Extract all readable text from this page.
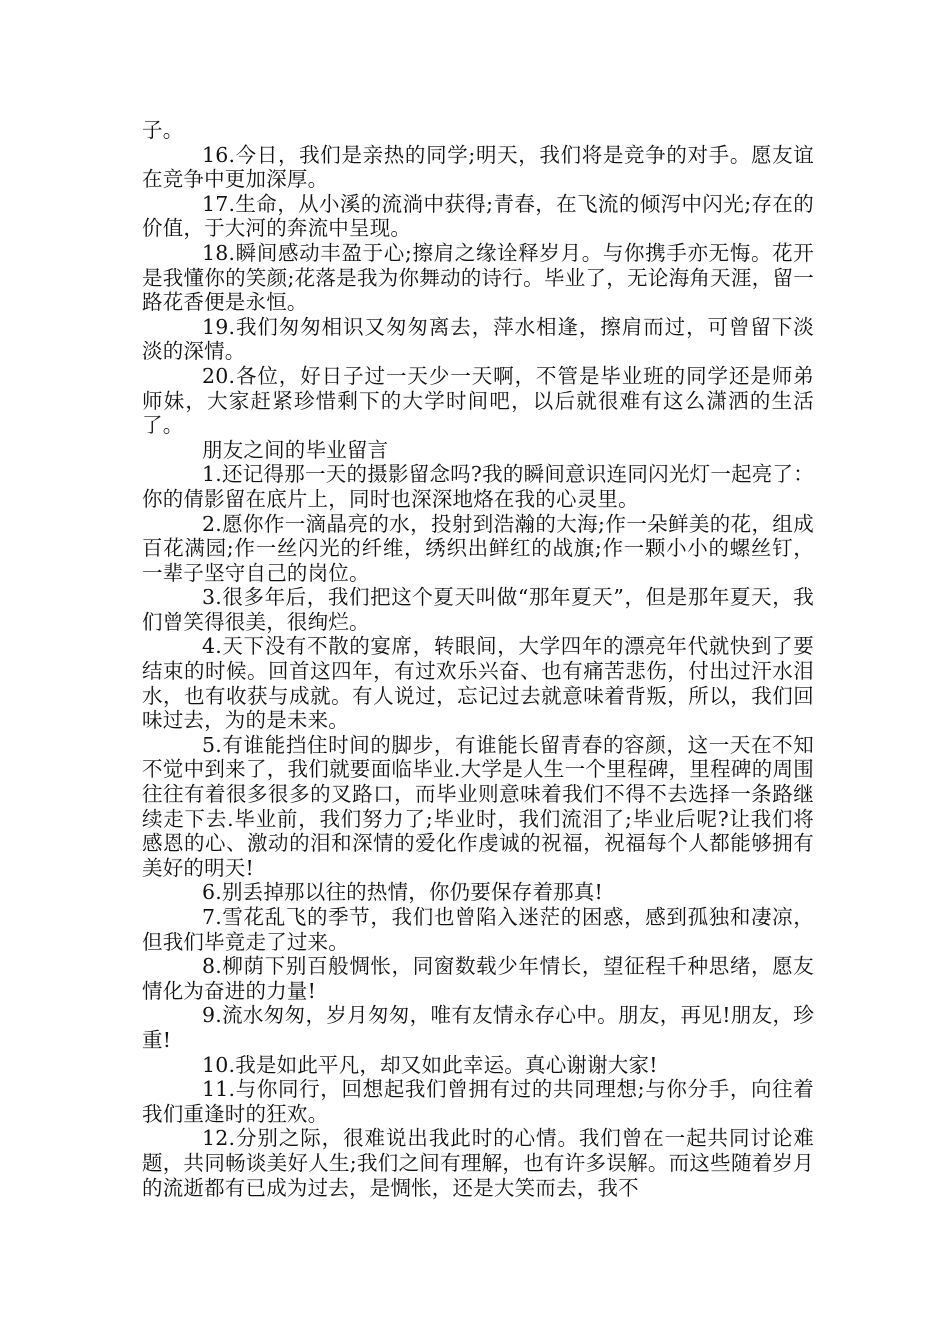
子。

16.今日，我们是亲热的同学;明天，我们将是竞争的对手。愿友谊在竞争中更加深厚。

17.生命，从小溪的流淌中获得;青春，在飞流的倾泻中闪光;存在的价值，于大河的奔流中呈现。

18.瞬间感动丰盈于心;擦肩之缘诠释岁月。与你携手亦无悔。花开是我懂你的笑颜;花落是我为你舞动的诗行。毕业了，无论海角天涯，留一路花香便是永恒。

19.我们匆匆相识又匆匆离去，萍水相逢，擦肩而过，可曾留下淡淡的深情。

20.各位，好日子过一天少一天啊，不管是毕业班的同学还是师弟师妹，大家赶紧珍惜剩下的大学时间吧，以后就很难有这么潇洒的生活了。

朋友之间的毕业留言

1.还记得那一天的摄影留念吗?我的瞬间意识连同闪光灯一起亮了：你的倩影留在底片上，同时也深深地烙在我的心灵里。

2.愿你作一滴晶亮的水，投射到浩瀚的大海;作一朵鲜美的花，组成百花满园;作一丝闪光的纤维，绣织出鲜红的战旗;作一颗小小的螺丝钉，一辈子坚守自己的岗位。

3.很多年后，我们把这个夏天叫做“那年夏天”，但是那年夏天，我们曾笑得很美，很绚烂。

4.天下没有不散的宴席，转眼间，大学四年的漂亮年代就快到了要结束的时候。回首这四年，有过欢乐兴奋、也有痛苦悲伤，付出过汗水泪水，也有收获与成就。有人说过，忘记过去就意味着背叛，所以，我们回味过去，为的是未来。

5.有谁能挡住时间的脚步，有谁能长留青春的容颜，这一天在不知不觉中到来了，我们就要面临毕业.大学是人生一个里程碑，里程碑的周围往往有着很多很多的叉路口，而毕业则意味着我们不得不去选择一条路继续走下去.毕业前，我们努力了;毕业时，我们流泪了;毕业后呢?让我们将感恩的心、激动的泪和深情的爱化作虔诚的祝福，祝福每个人都能够拥有美好的明天!

6.别丢掉那以往的热情，你仍要保存着那真!

7.雪花乱飞的季节，我们也曾陷入迷茫的困惑，感到孤独和凄凉，但我们毕竟走了过来。

8.柳荫下别百般惆怅，同窗数载少年情长，望征程千种思绪，愿友情化为奋进的力量!

9.流水匆匆，岁月匆匆，唯有友情永存心中。朋友，再见!朋友，珍重!

10.我是如此平凡，却又如此幸运。真心谢谢大家!

11.与你同行，回想起我们曾拥有过的共同理想;与你分手，向往着我们重逢时的狂欢。

12.分别之际，很难说出我此时的心情。我们曾在一起共同讨论难题，共同畅谈美好人生;我们之间有理解，也有许多误解。而这些随着岁月的流逝都有已成为过去，是惆怅，还是大笑而去，我不
